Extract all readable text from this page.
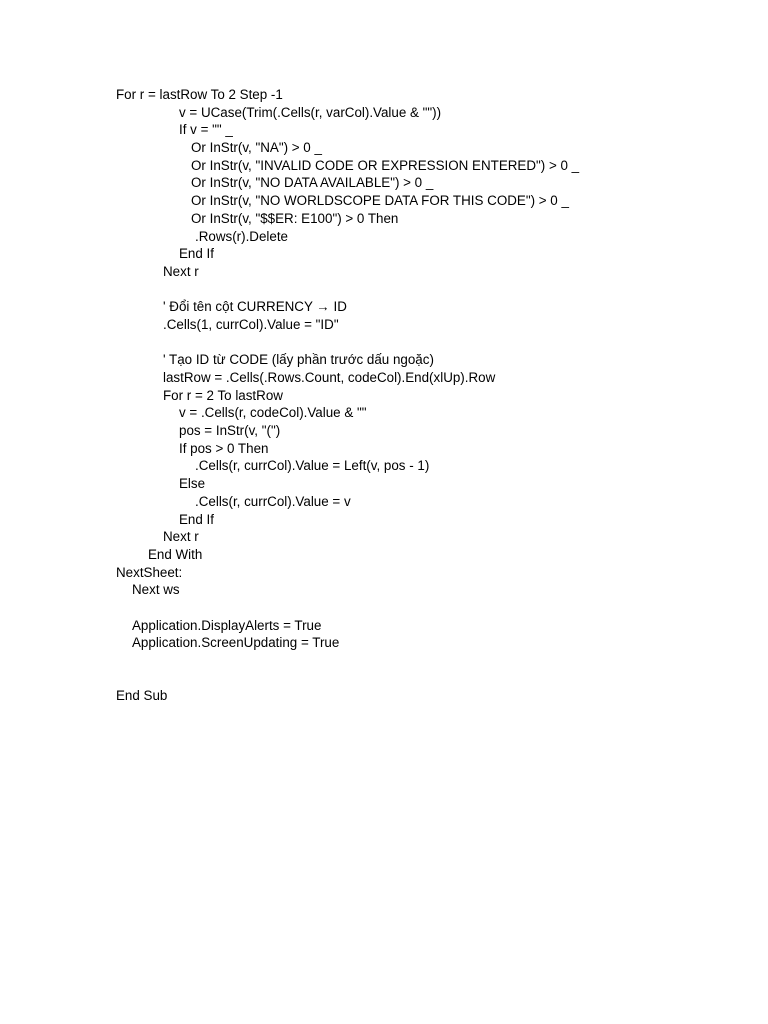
For r = lastRow To 2 Step -1
v = UCase(Trim(.Cells(r, varCol).Value & ""))
If v = "" _
Or InStr(v, "NA") > 0 _
Or InStr(v, "INVALID CODE OR EXPRESSION ENTERED") > 0 _
Or InStr(v, "NO DATA AVAILABLE") > 0 _
Or InStr(v, "NO WORLDSCOPE DATA FOR THIS CODE") > 0 _
Or InStr(v, "$$ER: E100") > 0 Then
.Rows(r).Delete
End If
Next r
' Đổi tên cột CURRENCY → ID
.Cells(1, currCol).Value = "ID"
' Tạo ID từ CODE (lấy phần trước dấu ngoặc)
lastRow = .Cells(.Rows.Count, codeCol).End(xlUp).Row
For r = 2 To lastRow
v = .Cells(r, codeCol).Value & ""
pos = InStr(v, "(")
If pos > 0 Then
.Cells(r, currCol).Value = Left(v, pos - 1)
Else
.Cells(r, currCol).Value = v
End If
Next r
End With
NextSheet:
Next ws
Application.DisplayAlerts = True
Application.ScreenUpdating = True
End Sub
